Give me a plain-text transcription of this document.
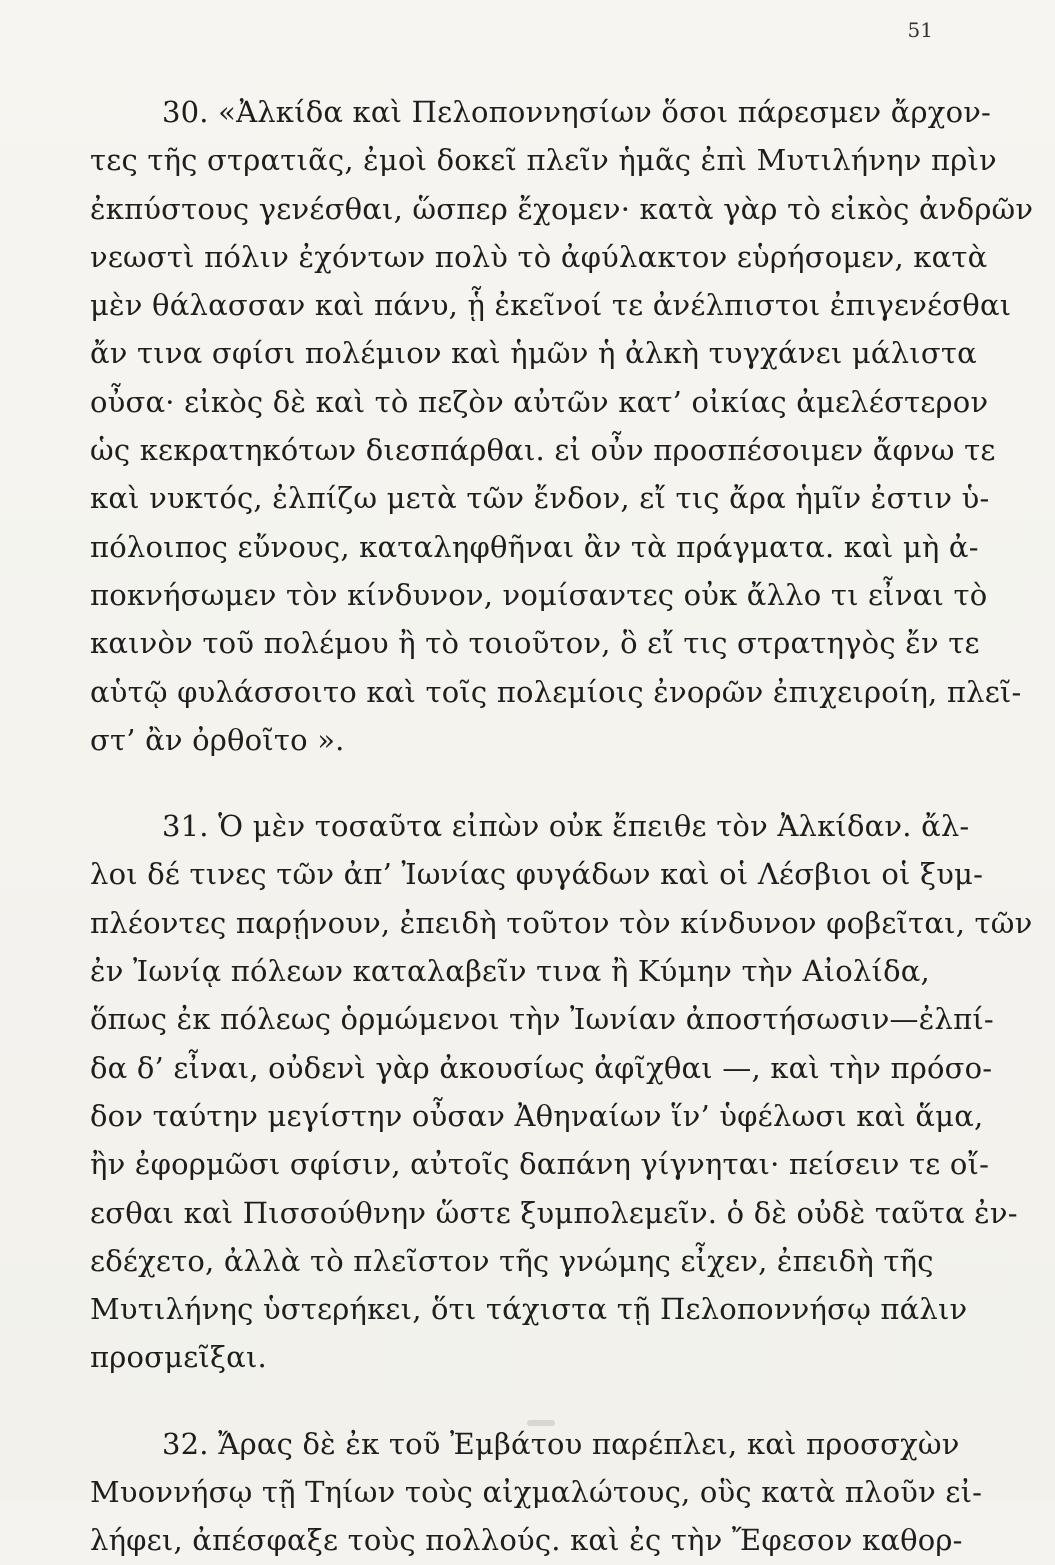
51
30. «Ἀλκίδα καὶ Πελοποννησίων ὅσοι πάρεσμεν ἄρχον-
τες τῆς στρατιᾶς, ἐμοὶ δοκεῖ πλεῖν ἡμᾶς ἐπὶ Μυτιλήνην πρὶν
ἐκπύστους γενέσθαι, ὥσπερ ἔχομεν· κατὰ γὰρ τὸ εἰκὸς ἀνδρῶν
νεωστὶ πόλιν ἐχόντων πολὺ τὸ ἀφύλακτον εὑρήσομεν, κατὰ
μὲν θάλασσαν καὶ πάνυ, ᾗ ἐκεῖνοί τε ἀνέλπιστοι ἐπιγενέσθαι
ἄν τινα σφίσι πολέμιον καὶ ἡμῶν ἡ ἀλκὴ τυγχάνει μάλιστα
οὖσα· εἰκὸς δὲ καὶ τὸ πεζὸν αὐτῶν κατ’ οἰκίας ἀμελέστερον
ὡς κεκρατηκότων διεσπάρθαι. εἰ οὖν προσπέσοιμεν ἄφνω τε
καὶ νυκτός, ἐλπίζω μετὰ τῶν ἔνδον, εἴ τις ἄρα ἡμῖν ἐστιν ὑ-
πόλοιπος εὔνους, καταληφθῆναι ἂν τὰ πράγματα. καὶ μὴ ἀ-
ποκνήσωμεν τὸν κίνδυνον, νομίσαντες οὐκ ἄλλο τι εἶναι τὸ
καινὸν τοῦ πολέμου ἢ τὸ τοιοῦτον, ὃ εἴ τις στρατηγὸς ἔν τε
αὑτῷ φυλάσσοιτο καὶ τοῖς πολεμίοις ἐνορῶν ἐπιχειροίη, πλεῖ-
στ’ ἂν ὀρθοῖτο ».
31. Ὁ μὲν τοσαῦτα εἰπὼν οὐκ ἔπειθε τὸν Ἀλκίδαν. ἄλ-
λοι δέ τινες τῶν ἀπ’ Ἰωνίας φυγάδων καὶ οἱ Λέσβιοι οἱ ξυμ-
πλέοντες παρῄνουν, ἐπειδὴ τοῦτον τὸν κίνδυνον φοβεῖται, τῶν
ἐν Ἰωνίᾳ πόλεων καταλαβεῖν τινα ἢ Κύμην τὴν Αἰολίδα,
ὅπως ἐκ πόλεως ὁρμώμενοι τὴν Ἰωνίαν ἀποστήσωσιν—ἐλπί-
δα δ’ εἶναι, οὐδενὶ γὰρ ἀκουσίως ἀφῖχθαι —, καὶ τὴν πρόσο-
δον ταύτην μεγίστην οὖσαν Ἀθηναίων ἵν’ ὑφέλωσι καὶ ἅμα,
ἢν ἐφορμῶσι σφίσιν, αὐτοῖς δαπάνη γίγνηται· πείσειν τε οἴ-
εσθαι καὶ Πισσούθνην ὥστε ξυμπολεμεῖν. ὁ δὲ οὐδὲ ταῦτα ἐν-
εδέχετο, ἀλλὰ τὸ πλεῖστον τῆς γνώμης εἶχεν, ἐπειδὴ τῆς
Μυτιλήνης ὑστερήκει, ὅτι τάχιστα τῇ Πελοποννήσῳ πάλιν
προσμεῖξαι.
32. Ἄρας δὲ ἐκ τοῦ Ἐμβάτου παρέπλει, καὶ προσσχὼν
Μυοννήσῳ τῇ Τηίων τοὺς αἰχμαλώτους, οὓς κατὰ πλοῦν εἰ-
λήφει, ἀπέσφαξε τοὺς πολλούς. καὶ ἐς τὴν Ἔφεσον καθορ-
